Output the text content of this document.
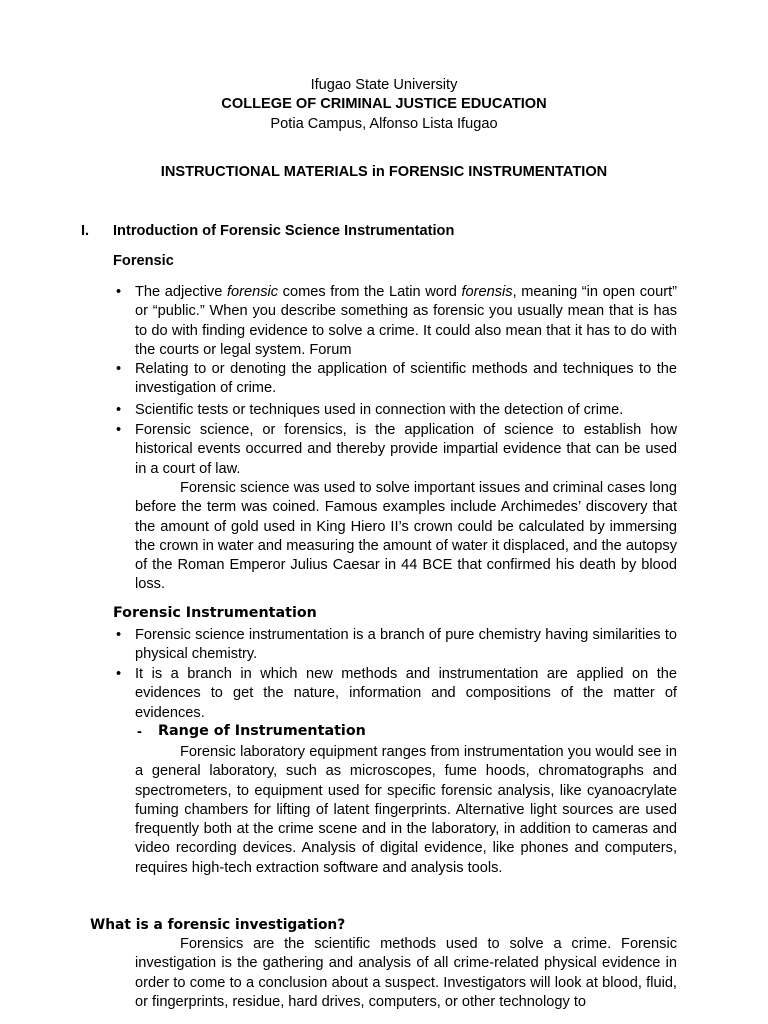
Ifugao State University
COLLEGE OF CRIMINAL JUSTICE EDUCATION
Potia Campus, Alfonso Lista Ifugao
INSTRUCTIONAL MATERIALS in FORENSIC INSTRUMENTATION
I. Introduction of Forensic Science Instrumentation
Forensic
• The adjective forensic comes from the Latin word forensis, meaning “in open court” or “public.” When you describe something as forensic you usually mean that is has to do with finding evidence to solve a crime. It could also mean that it has to do with the courts or legal system. Forum
• Relating to or denoting the application of scientific methods and techniques to the investigation of crime.
• Scientific tests or techniques used in connection with the detection of crime.
• Forensic science, or forensics, is the application of science to establish how historical events occurred and thereby provide impartial evidence that can be used in a court of law.
Forensic science was used to solve important issues and criminal cases long before the term was coined. Famous examples include Archimedes’ discovery that the amount of gold used in King Hiero II’s crown could be calculated by immersing the crown in water and measuring the amount of water it displaced, and the autopsy of the Roman Emperor Julius Caesar in 44 BCE that confirmed his death by blood loss.
Forensic Instrumentation
• Forensic science instrumentation is a branch of pure chemistry having similarities to physical chemistry.
• It is a branch in which new methods and instrumentation are applied on the evidences to get the nature, information and compositions of the matter of evidences.
- Range of Instrumentation
Forensic laboratory equipment ranges from instrumentation you would see in a general laboratory, such as microscopes, fume hoods, chromatographs and spectrometers, to equipment used for specific forensic analysis, like cyanoacrylate fuming chambers for lifting of latent fingerprints. Alternative light sources are used frequently both at the crime scene and in the laboratory, in addition to cameras and video recording devices. Analysis of digital evidence, like phones and computers, requires high-tech extraction software and analysis tools.
What is a forensic investigation?
Forensics are the scientific methods used to solve a crime. Forensic investigation is the gathering and analysis of all crime-related physical evidence in order to come to a conclusion about a suspect. Investigators will look at blood, fluid, or fingerprints, residue, hard drives, computers, or other technology to
